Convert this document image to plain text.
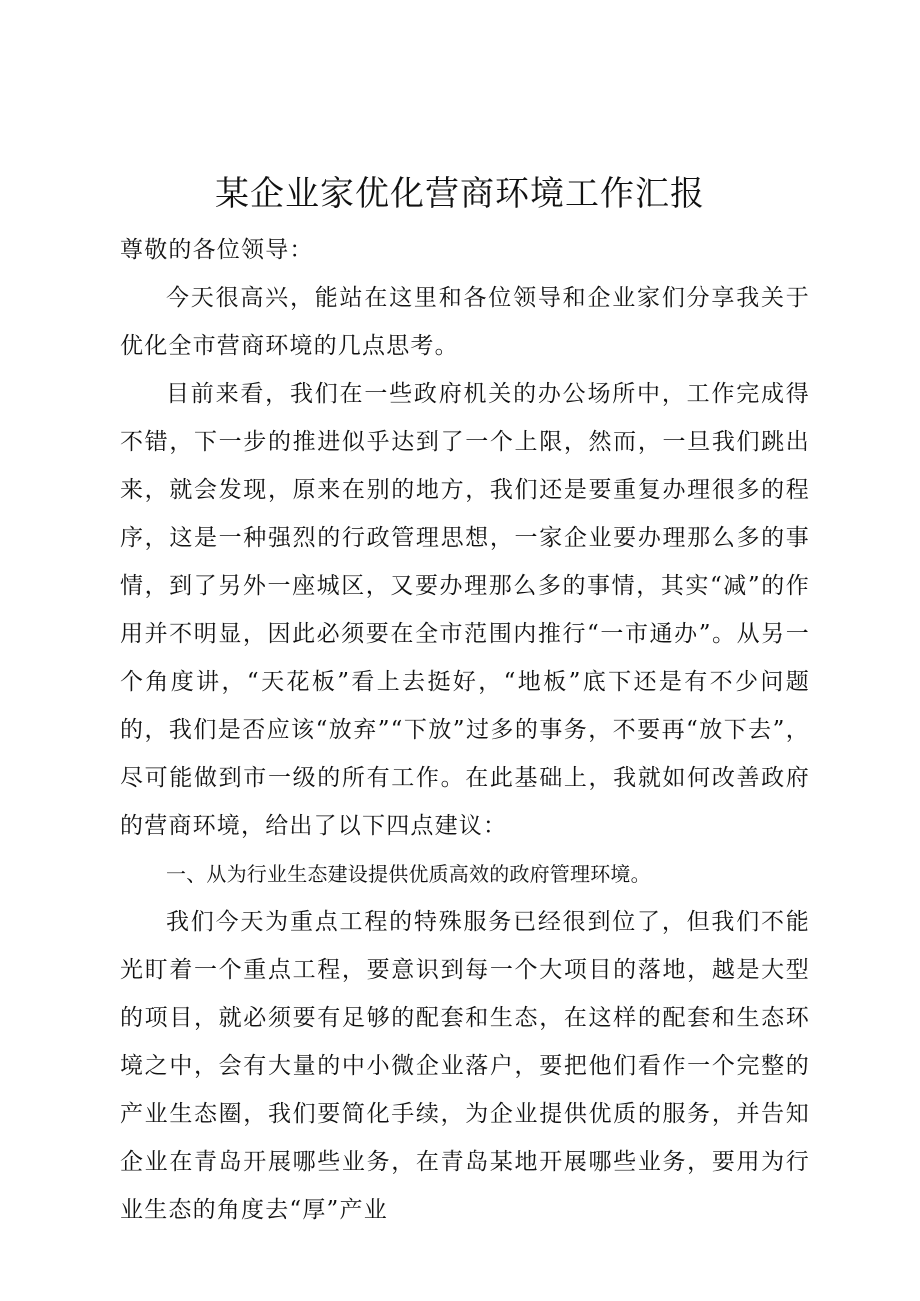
某企业家优化营商环境工作汇报

尊敬的各位领导：

今天很高兴，能站在这里和各位领导和企业家们分享我关于优化全市营商环境的几点思考。

目前来看，我们在一些政府机关的办公场所中，工作完成得不错，下一步的推进似乎达到了一个上限，然而，一旦我们跳出来，就会发现，原来在别的地方，我们还是要重复办理很多的程序，这是一种强烈的行政管理思想，一家企业要办理那么多的事情，到了另外一座城区，又要办理那么多的事情，其实“减”的作用并不明显，因此必须要在全市范围内推行“一市通办”。从另一个角度讲，“天花板”看上去挺好，“地板”底下还是有不少问题的，我们是否应该“放弃”“下放”过多的事务，不要再“放下去”，尽可能做到市一级的所有工作。在此基础上，我就如何改善政府的营商环境，给出了以下四点建议：

一、从为行业生态建设提供优质高效的政府管理环境。

我们今天为重点工程的特殊服务已经很到位了，但我们不能光盯着一个重点工程，要意识到每一个大项目的落地，越是大型的项目，就必须要有足够的配套和生态，在这样的配套和生态环境之中，会有大量的中小微企业落户，要把他们看作一个完整的产业生态圈，我们要简化手续，为企业提供优质的服务，并告知企业在青岛开展哪些业务，在青岛某地开展哪些业务，要用为行业生态的角度去“厚”产业
